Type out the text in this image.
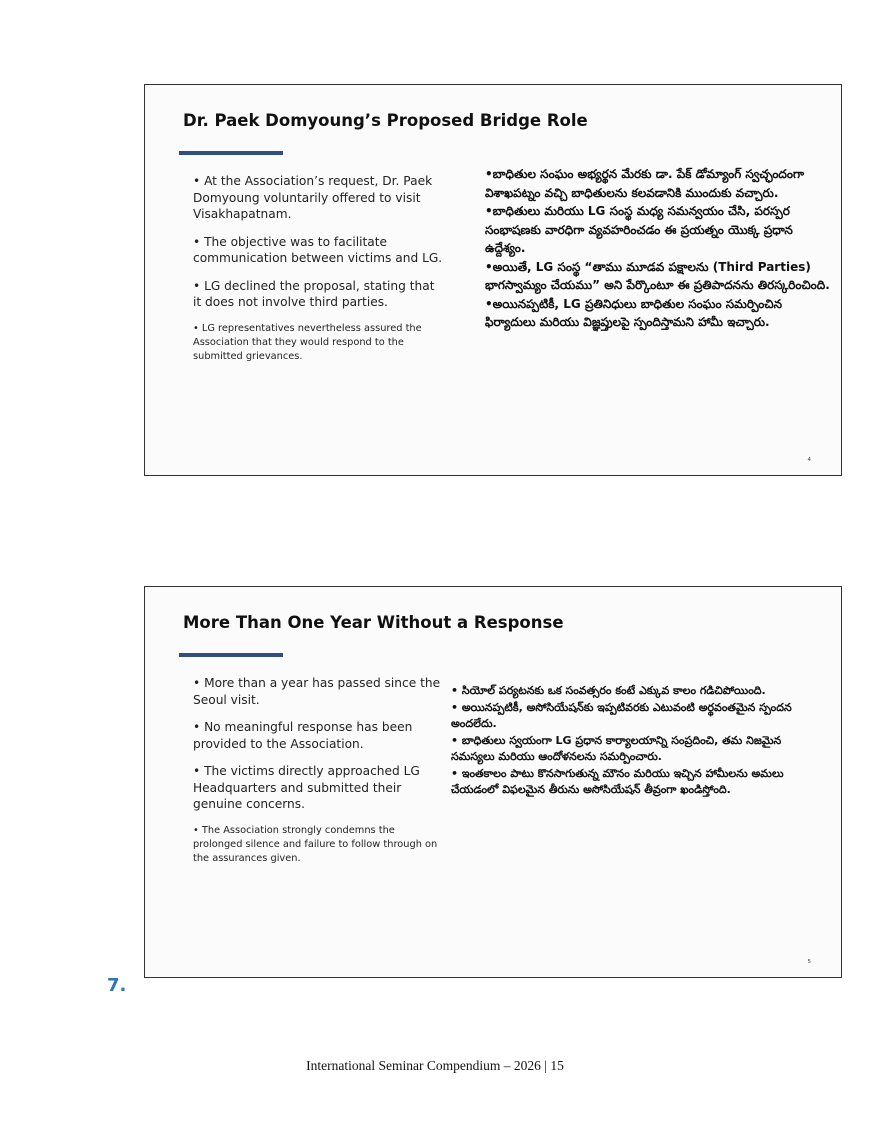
Dr. Paek Domyoung’s Proposed Bridge Role

• At the Association’s request, Dr. Paek Domyoung voluntarily offered to visit Visakhapatnam.

• The objective was to facilitate communication between victims and LG.

• LG declined the proposal, stating that it does not involve third parties.

• LG representatives nevertheless assured the Association that they would respond to the submitted grievances.

•బాధితుల సంఘం అభ్యర్థన మేరకు డా. పేక్ డోమ్యాంగ్ స్వచ్ఛందంగా విశాఖపట్నం వచ్చి బాధితులను కలవడానికి ముందుకు వచ్చారు.

•బాధితులు మరియు LG సంస్థ మధ్య సమన్వయం చేసి, పరస్పర సంభాషణకు వారధిగా వ్యవహరించడం ఈ ప్రయత్నం యొక్క ప్రధాన ఉద్దేశ్యం.

•అయితే, LG సంస్థ “తాము మూడవ పక్షాలను (Third Parties) భాగస్వామ్యం చేయము” అని పేర్కొంటూ ఈ ప్రతిపాదనను తిరస్కరించింది.

•అయినప్పటికీ, LG ప్రతినిధులు బాధితుల సంఘం సమర్పించిన ఫిర్యాదులు మరియు విజ్ఞప్తులపై స్పందిస్తామని హామీ ఇచ్చారు.

4
More Than One Year Without a Response

• More than a year has passed since the Seoul visit.

• No meaningful response has been provided to the Association.

• The victims directly approached LG Headquarters and submitted their genuine concerns.

• The Association strongly condemns the prolonged silence and failure to follow through on the assurances given.

• సియోల్ పర్యటనకు ఒక సంవత్సరం కంటే ఎక్కువ కాలం గడిచిపోయింది.

• అయినప్పటికీ, అసోసియేషన్‌కు ఇప్పటివరకు ఎటువంటి అర్థవంతమైన స్పందన అందలేదు.

• బాధితులు స్వయంగా LG ప్రధాన కార్యాలయాన్ని సంప్రదించి, తమ నిజమైన సమస్యలు మరియు ఆందోళనలను సమర్పించారు.

• ఇంతకాలం పాటు కొనసాగుతున్న మౌనం మరియు ఇచ్చిన హామీలను అమలు చేయడంలో విఫలమైన తీరును అసోసియేషన్ తీవ్రంగా ఖండిస్తోంది.

5
7.
International Seminar Compendium – 2026 | 15
